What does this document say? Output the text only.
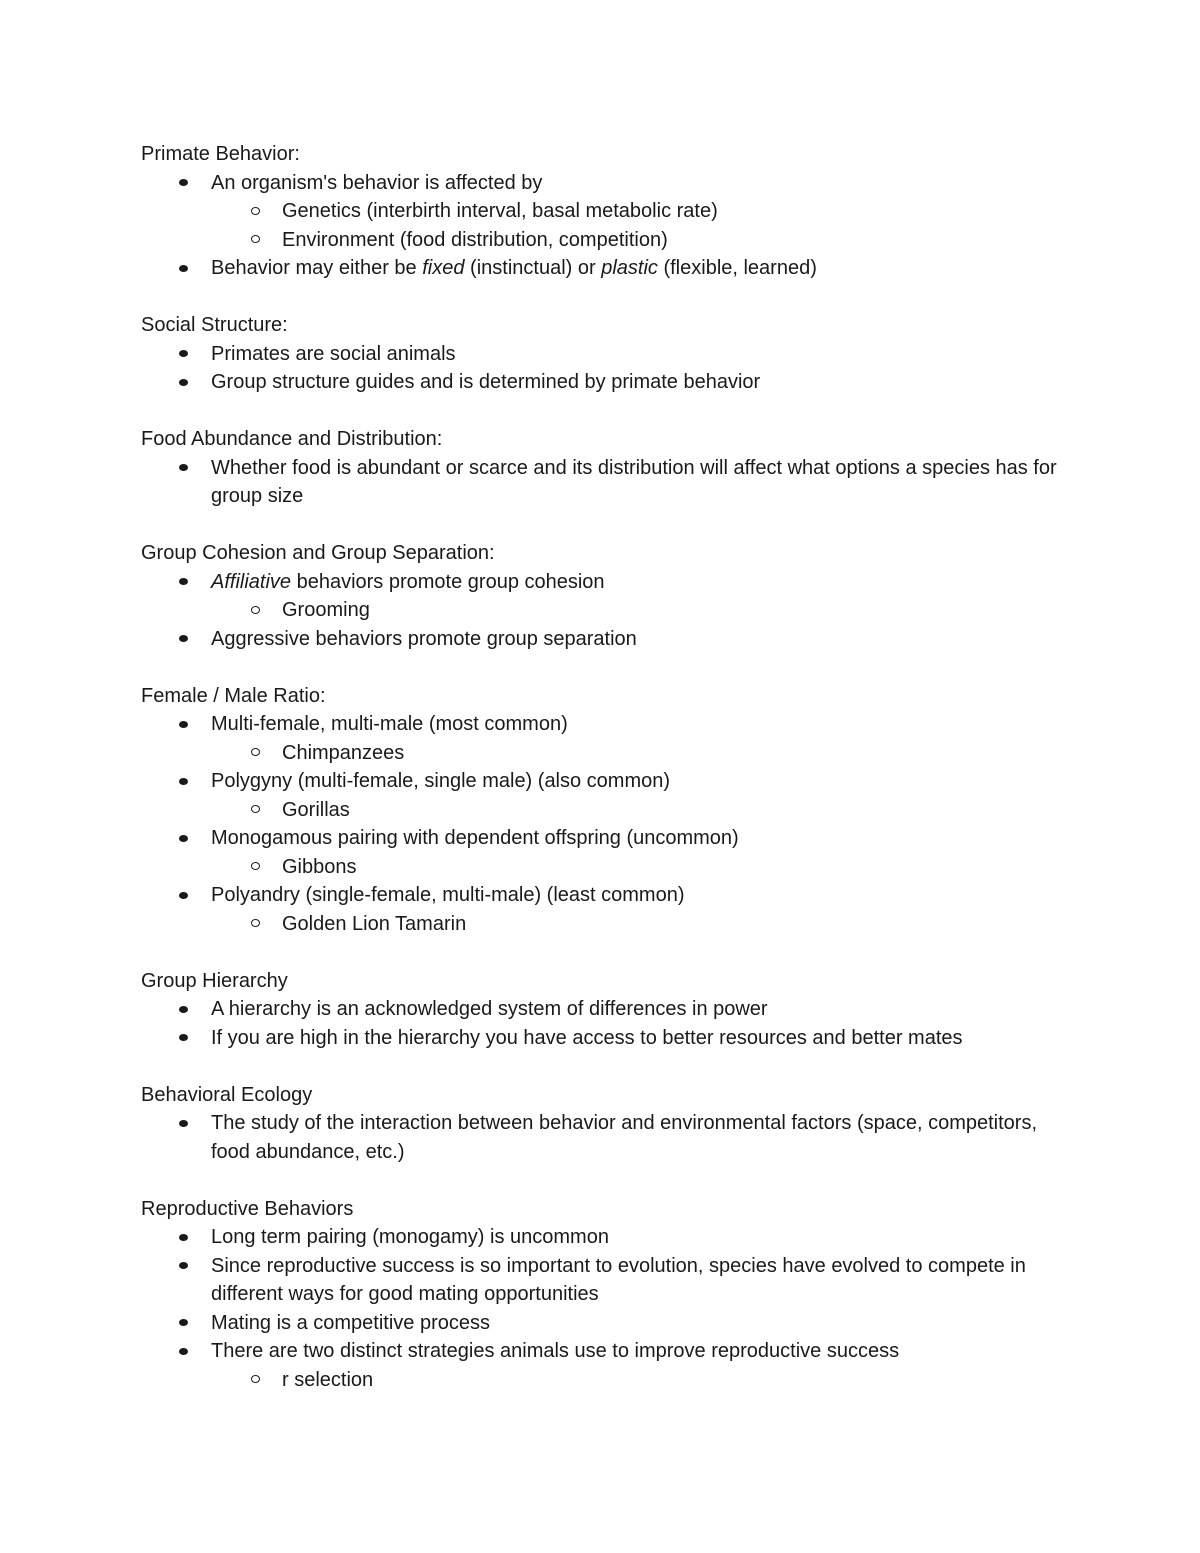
Primate Behavior:
An organism's behavior is affected by
Genetics (interbirth interval, basal metabolic rate)
Environment (food distribution, competition)
Behavior may either be fixed (instinctual) or plastic (flexible, learned)
Social Structure:
Primates are social animals
Group structure guides and is determined by primate behavior
Food Abundance and Distribution:
Whether food is abundant or scarce and its distribution will affect what options a species has for group size
Group Cohesion and Group Separation:
Affiliative behaviors promote group cohesion
Grooming
Aggressive behaviors promote group separation
Female / Male Ratio:
Multi-female, multi-male (most common)
Chimpanzees
Polygyny (multi-female, single male) (also common)
Gorillas
Monogamous pairing with dependent offspring (uncommon)
Gibbons
Polyandry (single-female, multi-male) (least common)
Golden Lion Tamarin
Group Hierarchy
A hierarchy is an acknowledged system of differences in power
If you are high in the hierarchy you have access to better resources and better mates
Behavioral Ecology
The study of the interaction between behavior and environmental factors (space, competitors, food abundance, etc.)
Reproductive Behaviors
Long term pairing (monogamy) is uncommon
Since reproductive success is so important to evolution, species have evolved to compete in different ways for good mating opportunities
Mating is a competitive process
There are two distinct strategies animals use to improve reproductive success
r selection
